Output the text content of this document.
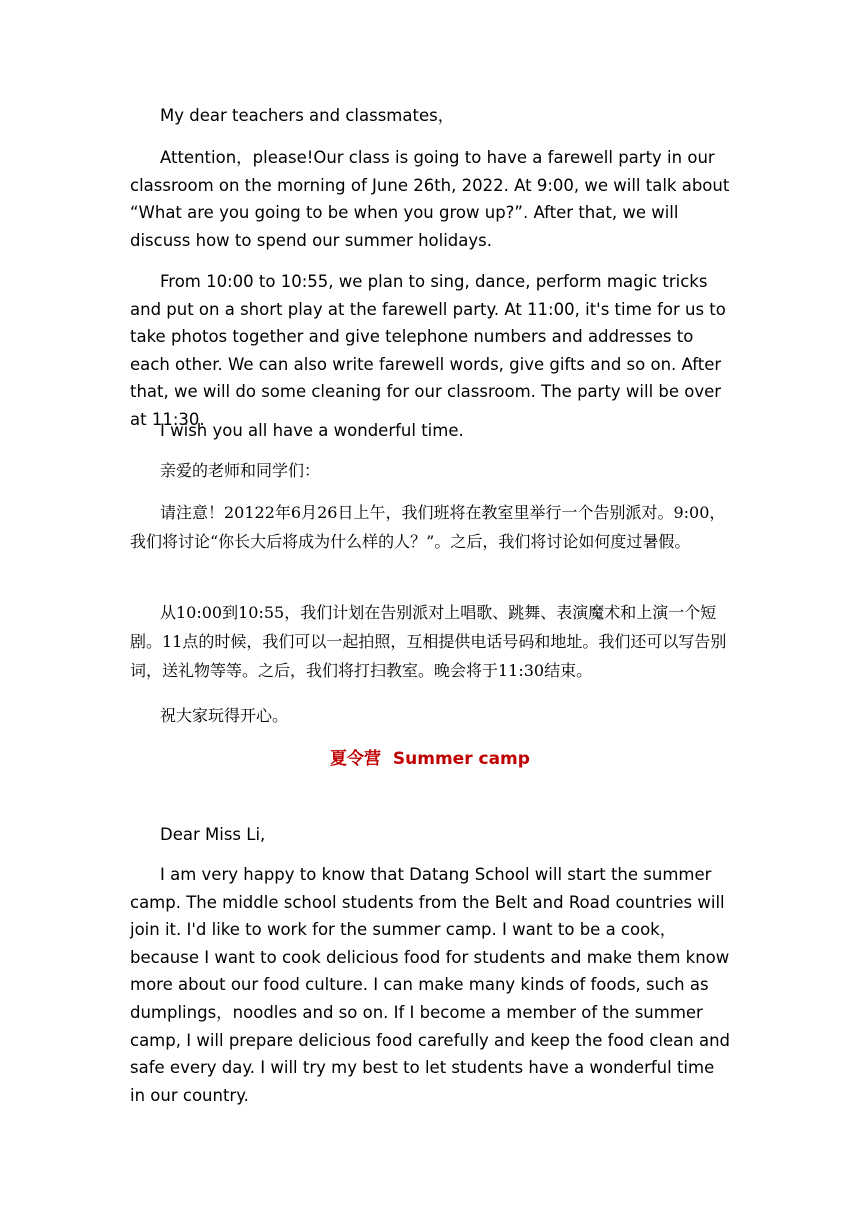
My dear teachers and classmates，

Attention，please!Our class is going to have a farewell party in our classroom on the morning of June 26th, 2022. At 9:00, we will talk about “What are you going to be when you grow up?”. After that, we will discuss how to spend our summer holidays.

From 10:00 to 10:55, we plan to sing, dance, perform magic tricks and put on a short play at the farewell party. At 11:00, it's time for us to take photos together and give telephone numbers and addresses to each other. We can also write farewell words, give gifts and so on. After that, we will do some cleaning for our classroom. The party will be over at 11:30.

I wish you all have a wonderful time.

亲爱的老师和同学们：

请注意！20122年6月26日上午，我们班将在教室里举行一个告别派对。9:00，我们将讨论“你长大后将成为什么样的人？”。之后，我们将讨论如何度过暑假。

从10:00到10:55，我们计划在告别派对上唱歌、跳舞、表演魔术和上演一个短剧。11点的时候，我们可以一起拍照，互相提供电话号码和地址。我们还可以写告别词，送礼物等等。之后，我们将打扫教室。晚会将于11:30结束。

祝大家玩得开心。

夏令营 Summer camp

Dear Miss Li,

I am very happy to know that Datang School will start the summer camp. The middle school students from the Belt and Road countries will join it. I'd like to work for the summer camp. I want to be a cook，because I want to cook delicious food for students and make them know more about our food culture. I can make many kinds of foods, such as dumplings，noodles and so on. If I become a member of the summer camp, I will prepare delicious food carefully and keep the food clean and safe every day. I will try my best to let students have a wonderful time in our country.
